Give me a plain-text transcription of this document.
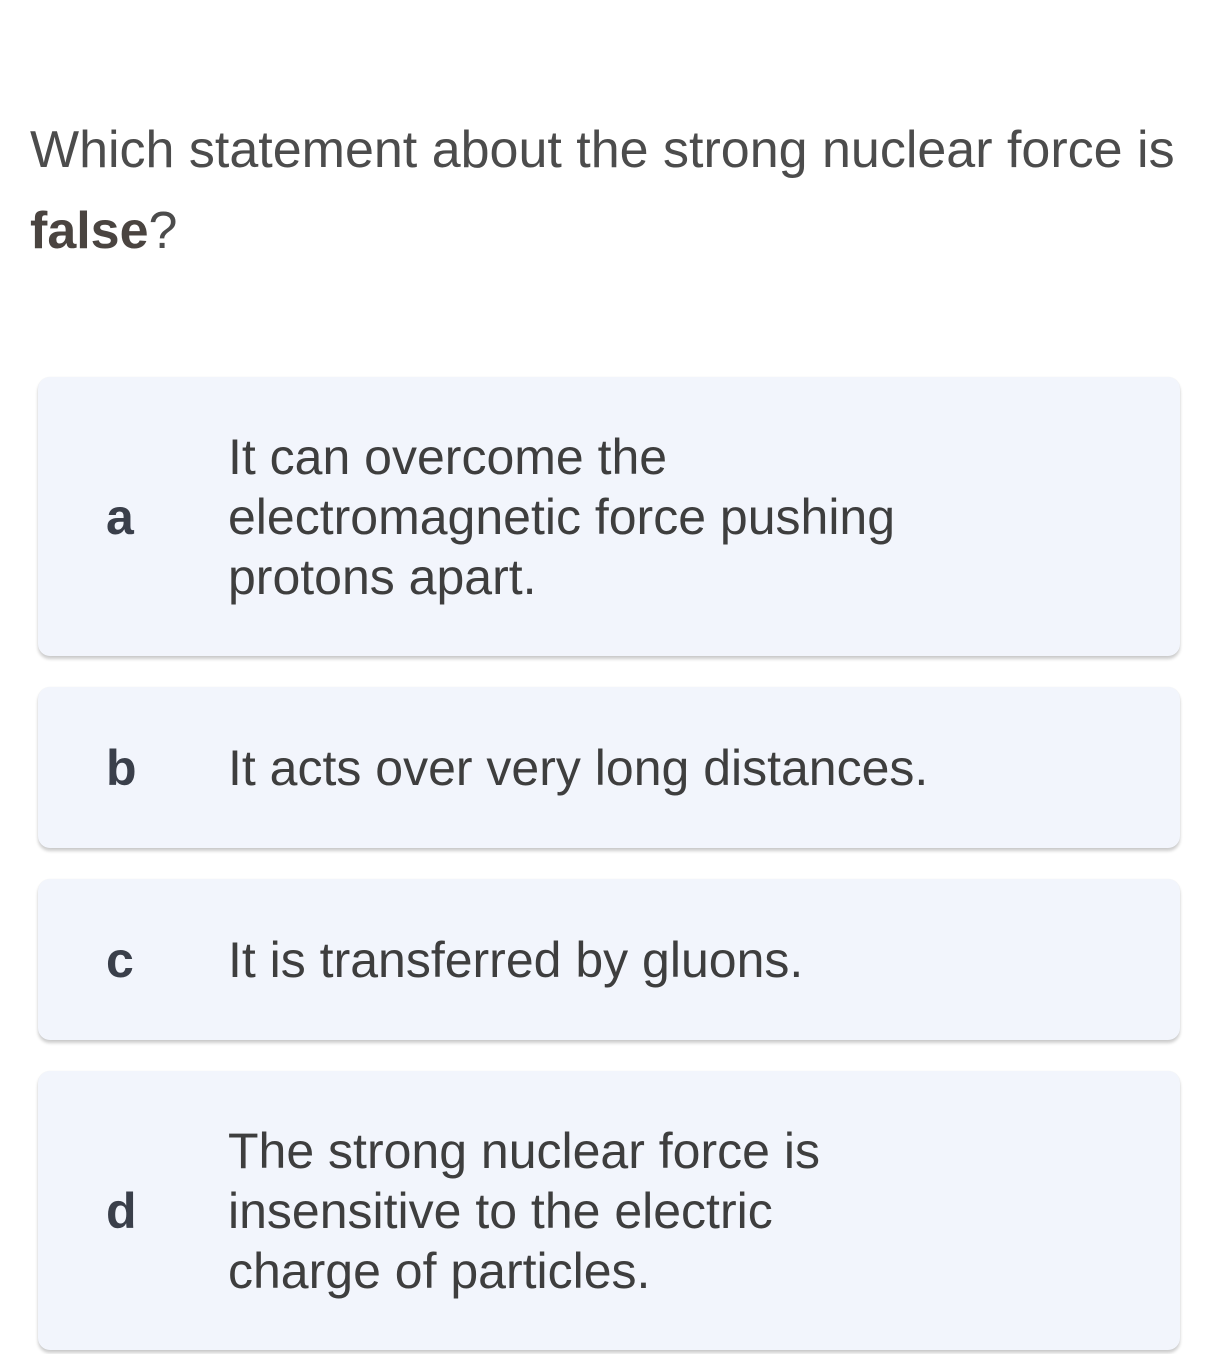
Which statement about the strong nuclear force is false?
a
It can overcome the electromagnetic force pushing protons apart.
b It acts over very long distances.
c It is transferred by gluons.
d
The strong nuclear force is insensitive to the electric charge of particles.
